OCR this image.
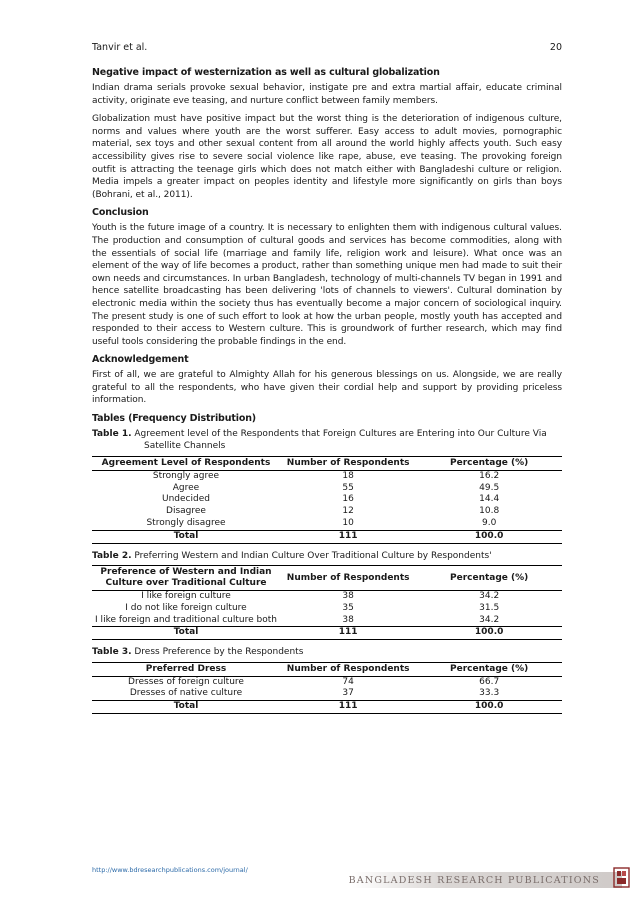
Tanvir et al.	20
Negative impact of westernization as well as cultural globalization

Indian drama serials provoke sexual behavior, instigate pre and extra martial affair, educate criminal activity, originate eve teasing, and nurture conflict between family members.

Globalization must have positive impact but the worst thing is the deterioration of indigenous culture, norms and values where youth are the worst sufferer. Easy access to adult movies, pornographic material, sex toys and other sexual content from all around the world highly affects youth. Such easy accessibility gives rise to severe social violence like rape, abuse, eve teasing. The provoking foreign outfit is attracting the teenage girls which does not match either with Bangladeshi culture or religion. Media impels a greater impact on peoples identity and lifestyle more significantly on girls than boys (Bohrani, et al., 2011).

Conclusion

Youth is the future image of a country. It is necessary to enlighten them with indigenous cultural values. The production and consumption of cultural goods and services has become commodities, along with the essentials of social life (marriage and family life, religion work and leisure). What once was an element of the way of life becomes a product, rather than something unique men had made to suit their own needs and circumstances. In urban Bangladesh, technology of multi-channels TV began in 1991 and hence satellite broadcasting has been delivering 'lots of channels to viewers'. Cultural domination by electronic media within the society thus has eventually become a major concern of sociological inquiry. The present study is one of such effort to look at how the urban people, mostly youth has accepted and responded to their access to Western culture. This is groundwork of further research, which may find useful tools considering the probable findings in the end.

Acknowledgement

First of all, we are grateful to Almighty Allah for his generous blessings on us. Alongside, we are really grateful to all the respondents, who have given their cordial help and support by providing priceless information.

Tables (Frequency Distribution)
Table 1. Agreement level of the Respondents that Foreign Cultures are Entering into Our Culture Via Satellite Channels
Agreement Level of Respondents	Number of Respondents	Percentage (%)
Strongly agree	18	16.2
Agree	55	49.5
Undecided	16	14.4
Disagree	12	10.8
Strongly disagree	10	9.0
Total	111	100.0
Table 2. Preferring Western and Indian Culture Over Traditional Culture by Respondents'
Preference of Western and Indian Culture over Traditional Culture	Number of Respondents	Percentage (%)
I like foreign culture	38	34.2
I do not like foreign culture	35	31.5
I like foreign and traditional culture both	38	34.2
Total	111	100.0
Table 3. Dress Preference by the Respondents
Preferred Dress	Number of Respondents	Percentage (%)
Dresses of foreign culture	74	66.7
Dresses of native culture	37	33.3
Total	111	100.0
http://www.bdresearchpublications.com/journal/
BANGLADESH RESEARCH PUBLICATIONS
